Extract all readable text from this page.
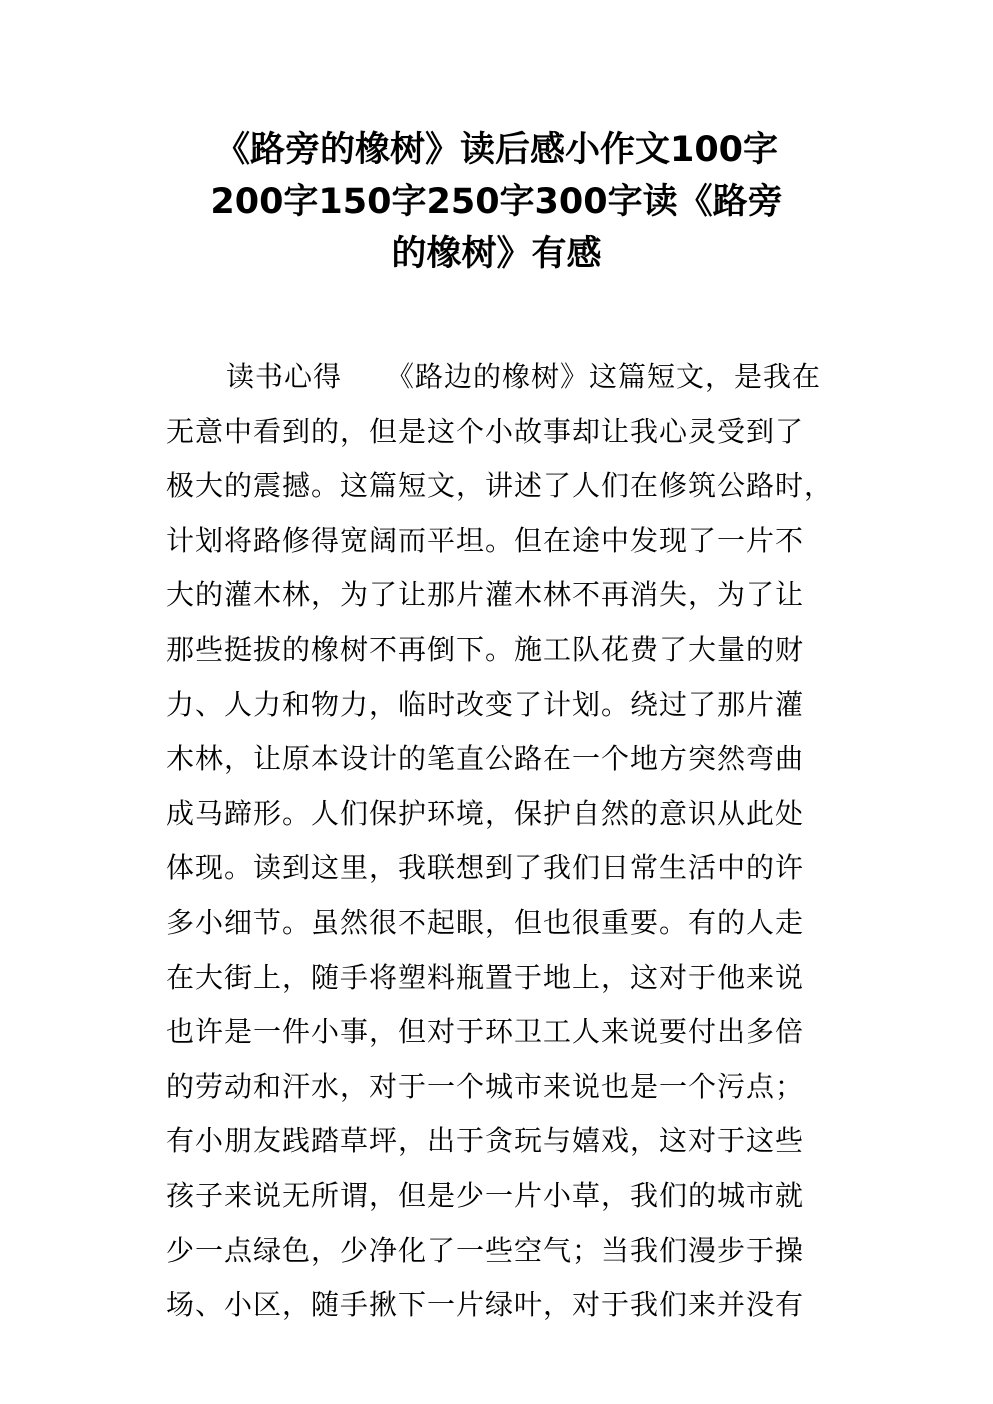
《路旁的橡树》读后感小作文100字
200字150字250字300字读《路旁
的橡树》有感
读书心得　　《路边的橡树》这篇短文，是我在
无意中看到的，但是这个小故事却让我心灵受到了
极大的震撼。这篇短文，讲述了人们在修筑公路时，
计划将路修得宽阔而平坦。但在途中发现了一片不
大的灌木林，为了让那片灌木林不再消失，为了让
那些挺拔的橡树不再倒下。施工队花费了大量的财
力、人力和物力，临时改变了计划。绕过了那片灌
木林，让原本设计的笔直公路在一个地方突然弯曲
成马蹄形。人们保护环境，保护自然的意识从此处
体现。读到这里，我联想到了我们日常生活中的许
多小细节。虽然很不起眼，但也很重要。有的人走
在大街上，随手将塑料瓶置于地上，这对于他来说
也许是一件小事，但对于环卫工人来说要付出多倍
的劳动和汗水，对于一个城市来说也是一个污点；
有小朋友践踏草坪，出于贪玩与嬉戏，这对于这些
孩子来说无所谓，但是少一片小草，我们的城市就
少一点绿色，少净化了一些空气；当我们漫步于操
场、小区，随手揪下一片绿叶，对于我们来并没有
